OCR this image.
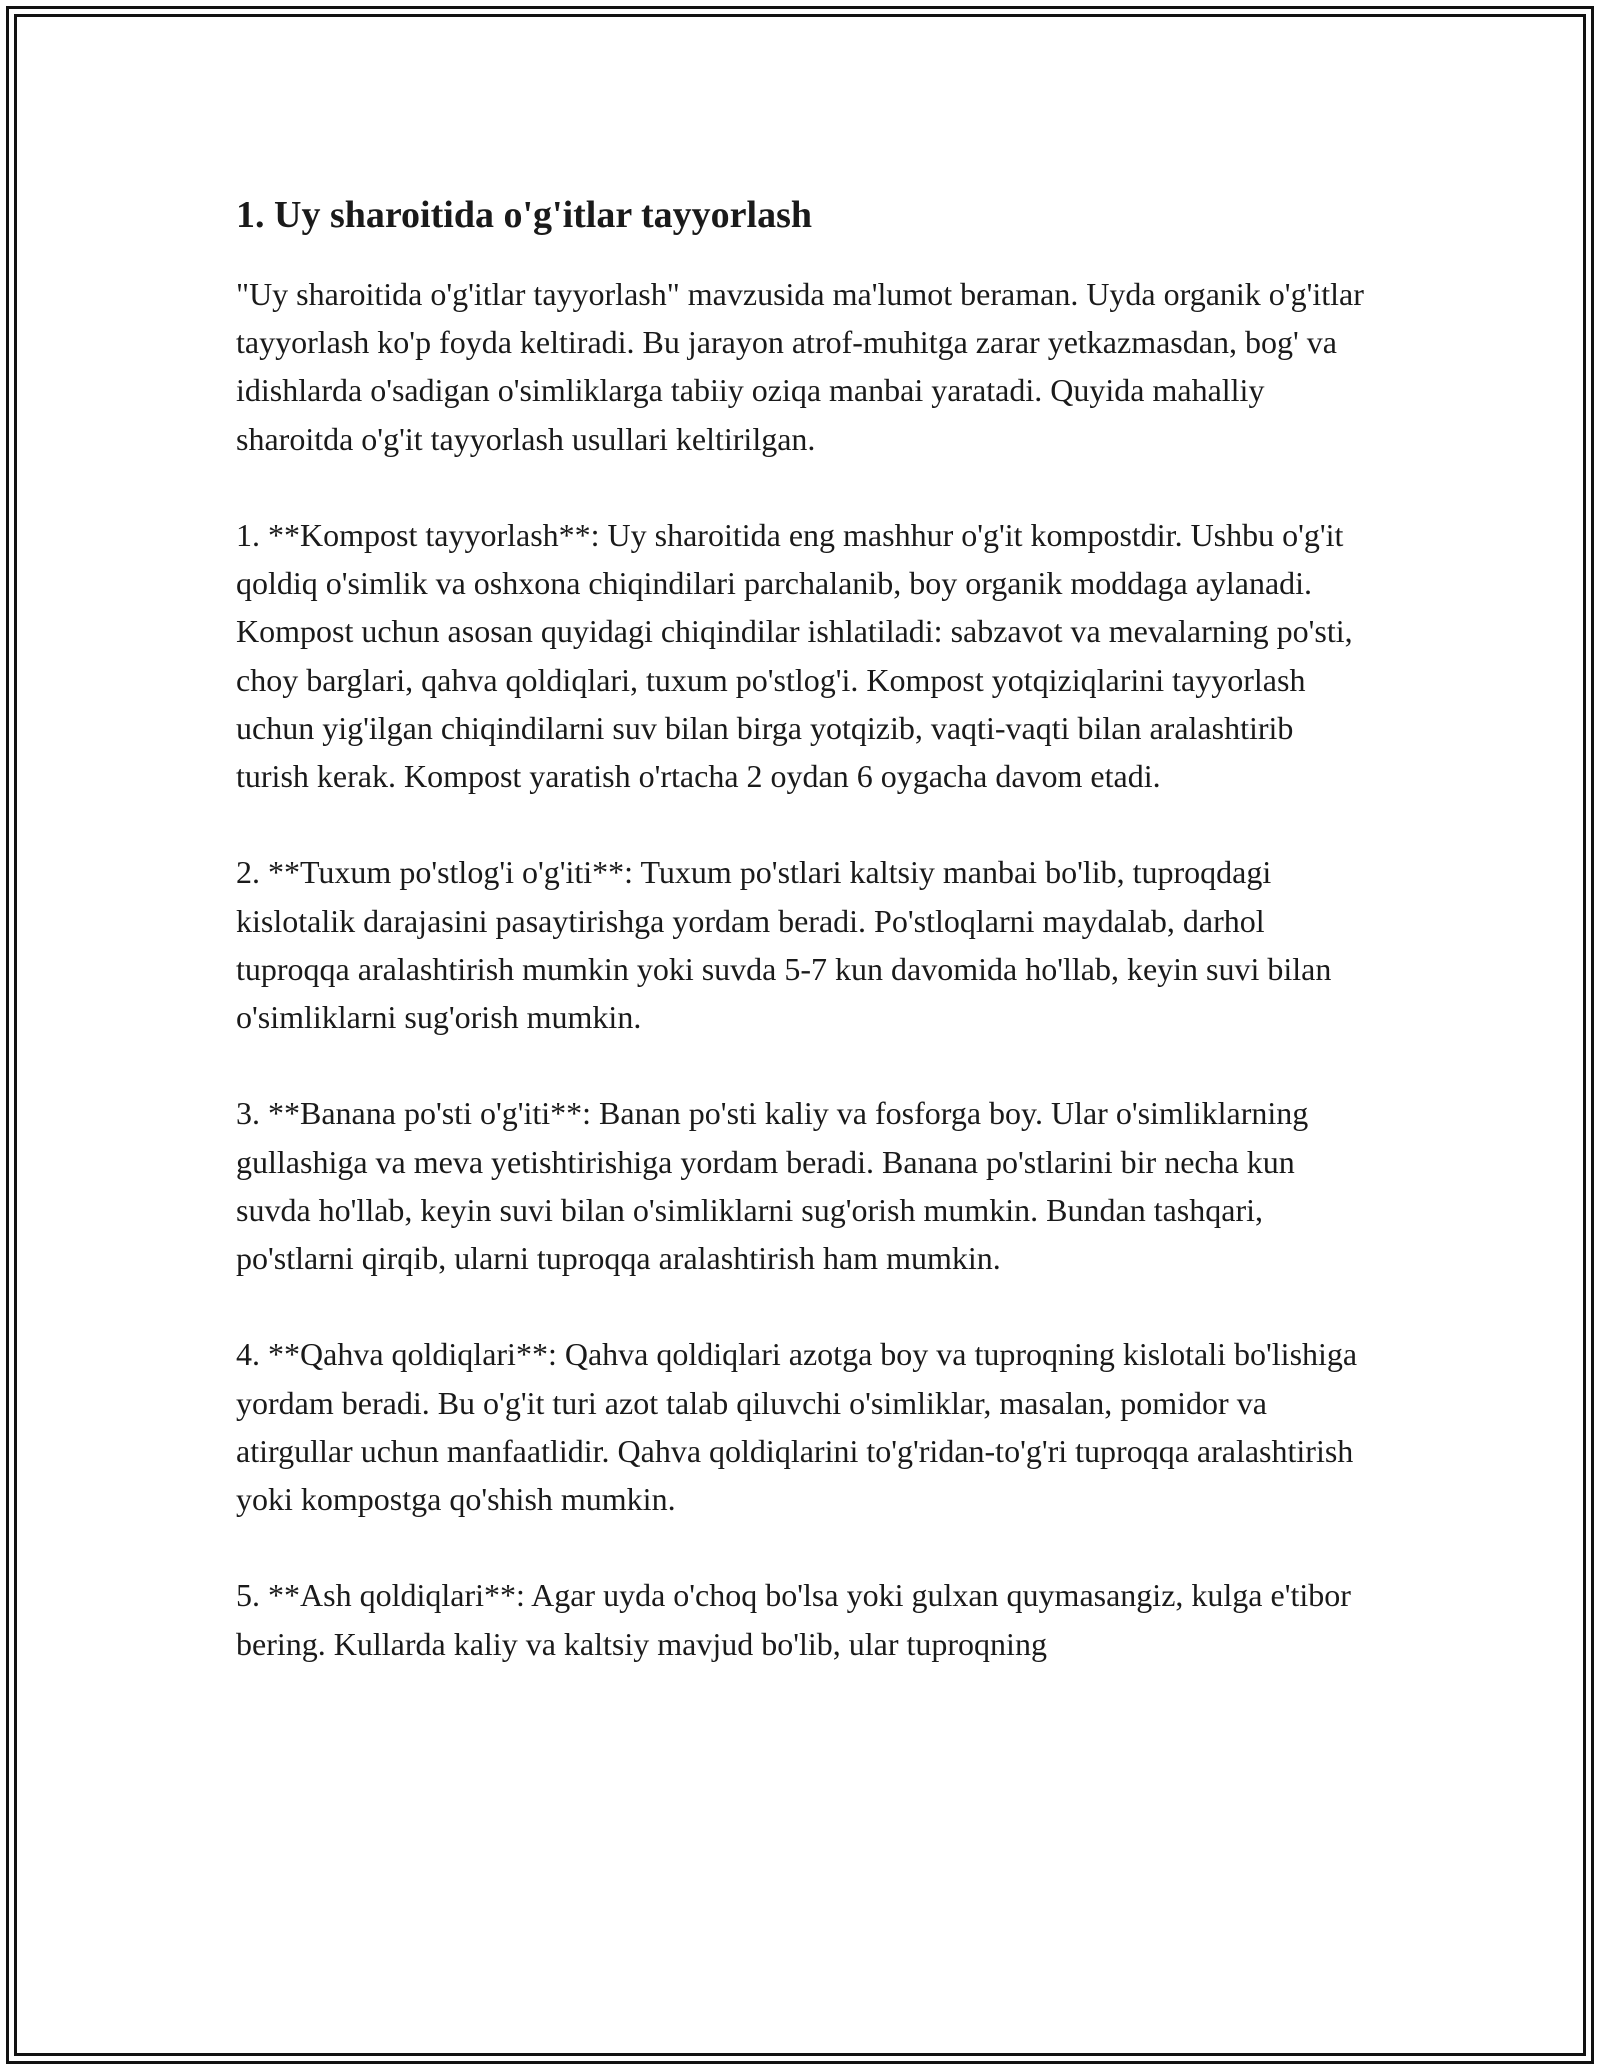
1. Uy sharoitida o'g'itlar tayyorlash

"Uy sharoitida o'g'itlar tayyorlash" mavzusida ma'lumot beraman. Uyda organik o'g'itlar tayyorlash ko'p foyda keltiradi. Bu jarayon atrof-muhitga zarar yetkazmasdan, bog' va idishlarda o'sadigan o'simliklarga tabiiy oziqa manbai yaratadi. Quyida mahalliy sharoitda o'g'it tayyorlash usullari keltirilgan.

1. **Kompost tayyorlash**: Uy sharoitida eng mashhur o'g'it kompostdir. Ushbu o'g'it qoldiq o'simlik va oshxona chiqindilari parchalanib, boy organik moddaga aylanadi. Kompost uchun asosan quyidagi chiqindilar ishlatiladi: sabzavot va mevalarning po'sti, choy barglari, qahva qoldiqlari, tuxum po'stlog'i. Kompost yotqiziqlarini tayyorlash uchun yig'ilgan chiqindilarni suv bilan birga yotqizib, vaqti-vaqti bilan aralashtirib turish kerak. Kompost yaratish o'rtacha 2 oydan 6 oygacha davom etadi.

2. **Tuxum po'stlog'i o'g'iti**: Tuxum po'stlari kaltsiy manbai bo'lib, tuproqdagi kislotalik darajasini pasaytirishga yordam beradi. Po'stloqlarni maydalab, darhol tuproqqa aralashtirish mumkin yoki suvda 5-7 kun davomida ho'llab, keyin suvi bilan o'simliklarni sug'orish mumkin.

3. **Banana po'sti o'g'iti**: Banan po'sti kaliy va fosforga boy. Ular o'simliklarning gullashiga va meva yetishtirishiga yordam beradi. Banana po'stlarini bir necha kun suvda ho'llab, keyin suvi bilan o'simliklarni sug'orish mumkin. Bundan tashqari, po'stlarni qirqib, ularni tuproqqa aralashtirish ham mumkin.

4. **Qahva qoldiqlari**: Qahva qoldiqlari azotga boy va tuproqning kislotali bo'lishiga yordam beradi. Bu o'g'it turi azot talab qiluvchi o'simliklar, masalan, pomidor va atirgullar uchun manfaatlidir. Qahva qoldiqlarini to'g'ridan-to'g'ri tuproqqa aralashtirish yoki kompostga qo'shish mumkin.

5. **Ash qoldiqlari**: Agar uyda o'choq bo'lsa yoki gulxan quymasangiz, kulga e'tibor bering. Kullarda kaliy va kaltsiy mavjud bo'lib, ular tuproqning
